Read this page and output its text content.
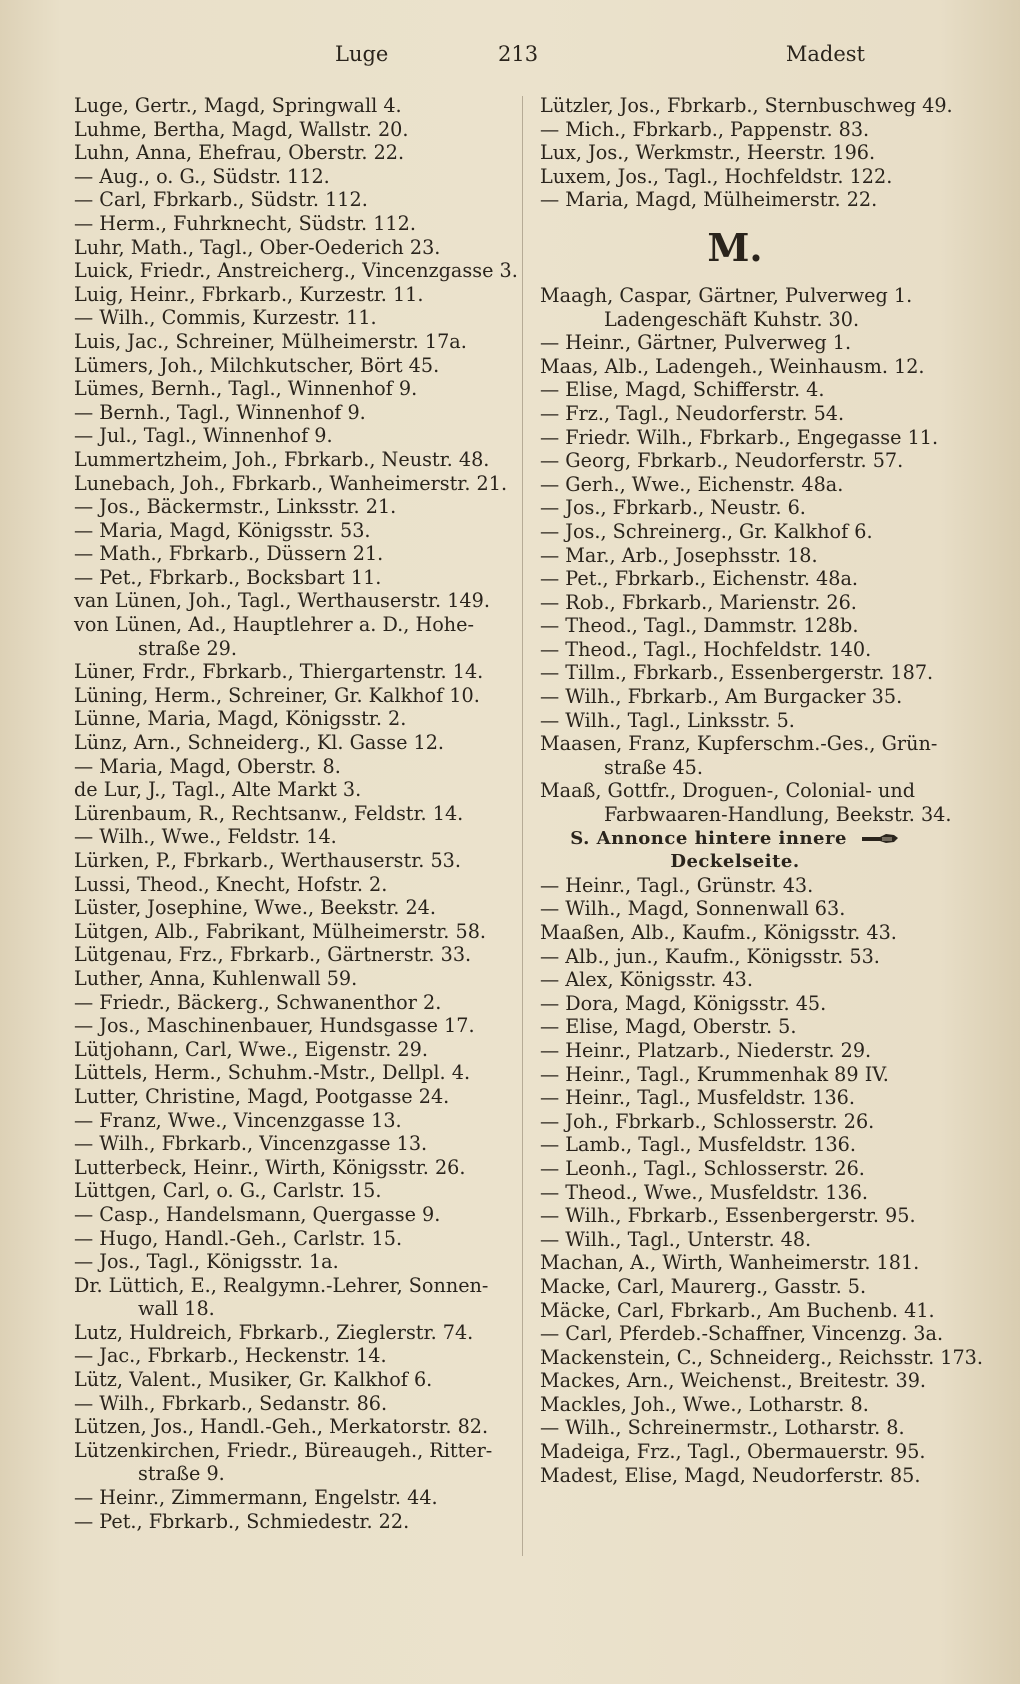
Luge	213	Madest
Luge, Gertr., Magd, Springwall 4.
Luhme, Bertha, Magd, Wallstr. 20.
Luhn, Anna, Ehefrau, Oberstr. 22.
— Aug., o. G., Südstr. 112.
— Carl, Fbrkarb., Südstr. 112.
— Herm., Fuhrknecht, Südstr. 112.
Luhr, Math., Tagl., Ober-Oederich 23.
Luick, Friedr., Anstreicherg., Vincenzgasse 3.
Luig, Heinr., Fbrkarb., Kurzestr. 11.
— Wilh., Commis, Kurzestr. 11.
Luis, Jac., Schreiner, Mülheimerstr. 17a.
Lümers, Joh., Milchkutscher, Bört 45.
Lümes, Bernh., Tagl., Winnenhof 9.
— Bernh., Tagl., Winnenhof 9.
— Jul., Tagl., Winnenhof 9.
Lummertzheim, Joh., Fbrkarb., Neustr. 48.
Lunebach, Joh., Fbrkarb., Wanheimerstr. 21.
— Jos., Bäckermstr., Linksstr. 21.
— Maria, Magd, Königsstr. 53.
— Math., Fbrkarb., Düssern 21.
— Pet., Fbrkarb., Bocksbart 11.
van Lünen, Joh., Tagl., Werthauserstr. 149.
von Lünen, Ad., Hauptlehrer a. D., Hohe-
straße 29.
Lüner, Frdr., Fbrkarb., Thiergartenstr. 14.
Lüning, Herm., Schreiner, Gr. Kalkhof 10.
Lünne, Maria, Magd, Königsstr. 2.
Lünz, Arn., Schneiderg., Kl. Gasse 12.
— Maria, Magd, Oberstr. 8.
de Lur, J., Tagl., Alte Markt 3.
Lürenbaum, R., Rechtsanw., Feldstr. 14.
— Wilh., Wwe., Feldstr. 14.
Lürken, P., Fbrkarb., Werthauserstr. 53.
Lussi, Theod., Knecht, Hofstr. 2.
Lüster, Josephine, Wwe., Beekstr. 24.
Lütgen, Alb., Fabrikant, Mülheimerstr. 58.
Lütgenau, Frz., Fbrkarb., Gärtnerstr. 33.
Luther, Anna, Kuhlenwall 59.
— Friedr., Bäckerg., Schwanenthor 2.
— Jos., Maschinenbauer, Hundsgasse 17.
Lütjohann, Carl, Wwe., Eigenstr. 29.
Lüttels, Herm., Schuhm.-Mstr., Dellpl. 4.
Lutter, Christine, Magd, Pootgasse 24.
— Franz, Wwe., Vincenzgasse 13.
— Wilh., Fbrkarb., Vincenzgasse 13.
Lutterbeck, Heinr., Wirth, Königsstr. 26.
Lüttgen, Carl, o. G., Carlstr. 15.
— Casp., Handelsmann, Quergasse 9.
— Hugo, Handl.-Geh., Carlstr. 15.
— Jos., Tagl., Königsstr. 1a.
Dr. Lüttich, E., Realgymn.-Lehrer, Sonnen-
wall 18.
Lutz, Huldreich, Fbrkarb., Zieglerstr. 74.
— Jac., Fbrkarb., Heckenstr. 14.
Lütz, Valent., Musiker, Gr. Kalkhof 6.
— Wilh., Fbrkarb., Sedanstr. 86.
Lützen, Jos., Handl.-Geh., Merkatorstr. 82.
Lützenkirchen, Friedr., Büreaugeh., Ritter-
straße 9.
— Heinr., Zimmermann, Engelstr. 44.
— Pet., Fbrkarb., Schmiedestr. 22.
Lützler, Jos., Fbrkarb., Sternbuschweg 49.
— Mich., Fbrkarb., Pappenstr. 83.
Lux, Jos., Werkmstr., Heerstr. 196.
Luxem, Jos., Tagl., Hochfeldstr. 122.
— Maria, Magd, Mülheimerstr. 22.
M.
Maagh, Caspar, Gärtner, Pulverweg 1.
Ladengeschäft Kuhstr. 30.
— Heinr., Gärtner, Pulverweg 1.
Maas, Alb., Ladengeh., Weinhausm. 12.
— Elise, Magd, Schifferstr. 4.
— Frz., Tagl., Neudorferstr. 54.
— Friedr. Wilh., Fbrkarb., Engegasse 11.
— Georg, Fbrkarb., Neudorferstr. 57.
— Gerh., Wwe., Eichenstr. 48a.
— Jos., Fbrkarb., Neustr. 6.
— Jos., Schreinerg., Gr. Kalkhof 6.
— Mar., Arb., Josephsstr. 18.
— Pet., Fbrkarb., Eichenstr. 48a.
— Rob., Fbrkarb., Marienstr. 26.
— Theod., Tagl., Dammstr. 128b.
— Theod., Tagl., Hochfeldstr. 140.
— Tillm., Fbrkarb., Essenbergerstr. 187.
— Wilh., Fbrkarb., Am Burgacker 35.
— Wilh., Tagl., Linksstr. 5.
Maasen, Franz, Kupferschm.-Ges., Grün-
straße 45.
Maaß, Gottfr., Droguen-, Colonial- und
Farbwaaren-Handlung, Beekstr. 34.
S. Annonce hintere innere
Deckelseite.
— Heinr., Tagl., Grünstr. 43.
— Wilh., Magd, Sonnenwall 63.
Maaßen, Alb., Kaufm., Königsstr. 43.
— Alb., jun., Kaufm., Königsstr. 53.
— Alex, Königsstr. 43.
— Dora, Magd, Königsstr. 45.
— Elise, Magd, Oberstr. 5.
— Heinr., Platzarb., Niederstr. 29.
— Heinr., Tagl., Krummenhak 89 IV.
— Heinr., Tagl., Musfeldstr. 136.
— Joh., Fbrkarb., Schlosserstr. 26.
— Lamb., Tagl., Musfeldstr. 136.
— Leonh., Tagl., Schlosserstr. 26.
— Theod., Wwe., Musfeldstr. 136.
— Wilh., Fbrkarb., Essenbergerstr. 95.
— Wilh., Tagl., Unterstr. 48.
Machan, A., Wirth, Wanheimerstr. 181.
Macke, Carl, Maurerg., Gasstr. 5.
Mäcke, Carl, Fbrkarb., Am Buchenb. 41.
— Carl, Pferdeb.-Schaffner, Vincenzg. 3a.
Mackenstein, C., Schneiderg., Reichsstr. 173.
Mackes, Arn., Weichenst., Breitestr. 39.
Mackles, Joh., Wwe., Lotharstr. 8.
— Wilh., Schreinermstr., Lotharstr. 8.
Madeiga, Frz., Tagl., Obermauerstr. 95.
Madest, Elise, Magd, Neudorferstr. 85.
